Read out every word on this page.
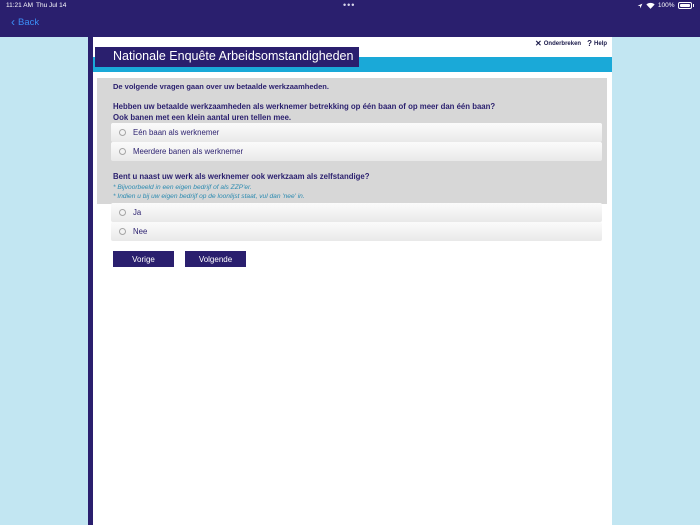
11:21 AM Thu Jul 14	•••	100%
‹ Back
✕ Onderbreken ? Help
Nationale Enquête Arbeidsomstandigheden
De volgende vragen gaan over uw betaalde werkzaamheden.
Hebben uw betaalde werkzaamheden als werknemer betrekking op één baan of op meer dan één baan?
Ook banen met een klein aantal uren tellen mee.
Eén baan als werknemer
Meerdere banen als werknemer
Bent u naast uw werk als werknemer ook werkzaam als zelfstandige?
* Bijvoorbeeld in een eigen bedrijf of als ZZP'er.
* Indien u bij uw eigen bedrijf op de loonlijst staat, vul dan 'nee' in.
Ja
Nee
Vorige	Volgende
